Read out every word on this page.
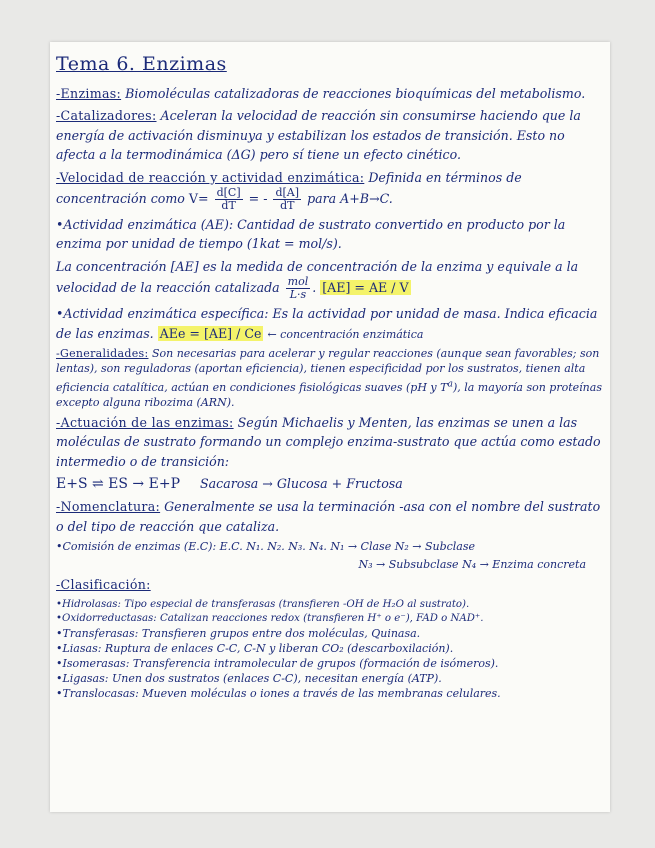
Tema 6. Enzimas

-Enzimas: Biomoléculas catalizadoras de reacciones bioquímicas del metabolismo.

-Catalizadores: Aceleran la velocidad de reacción sin consumirse haciendo que la energía de activación disminuya y estabilizan los estados de transición. Esto no afecta a la termodinámica (ΔG) pero sí tiene un efecto cinético.

-Velocidad de reacción y actividad enzimática: Definida en términos de concentración como $V= \frac{d[C]}{dT}$ = - $\frac{d[A]}{dT}$ para A+B→C.

•Actividad enzimática (AE): Cantidad de sustrato convertido en producto por la enzima por unidad de tiempo (1kat = mol/s).

La concentración [AE] es la medida de concentración de la enzima y equivale a la velocidad de la reacción catalizada $\frac{\text{mol}}{L\cdot s}$ . [AE] = AE / V

•Actividad enzimática específica: Es la actividad por unidad de masa. Indica eficacia de las enzimas. AEe = [AE] / Ce ← concentración enzimática

-Generalidades: Son necesarias para acelerar y regular reacciones (aunque sean favorables; son lentas), son reguladoras (aportan eficiencia), tienen especificidad por los sustratos, tienen alta eficiencia catalítica, actúan en condiciones fisiológicas suaves (pH y $T^a$), la mayoría son proteínas excepto alguna ribozima (ARN).

-Actuación de las enzimas: Según Michaelis y Menten, las enzimas se unen a las moléculas de sustrato formando un complejo enzima-sustrato que actúa como estado intermedio o de transición:

E+S ⇌ ES → E+P Sacarosa → Glucosa + Fructosa

-Nomenclatura: Generalmente se usa la terminación -asa con el nombre del sustrato o del tipo de reacción que cataliza.

•Comisión de enzimas (E.C): E.C. N₁. N₂. N₃. N₄. N₁ → Clase N₂ → Subclase

N₃ → Subsubclase N₄ → Enzima concreta

-Clasificación:

•Hidrolasas: Tipo especial de transferasas (transfieren -OH de H₂O al sustrato).
•Oxidorreductasas: Catalizan reacciones redox (transfieren H⁺ o e⁻), FAD o NAD⁺.
•Transferasas: Transfieren grupos entre dos moléculas, Quinasa.
•Liasas: Ruptura de enlaces C-C, C-N y liberan CO₂ (descarboxilación).
•Isomerasas: Transferencia intramolecular de grupos (formación de isómeros).
•Ligasas: Unen dos sustratos (enlaces C-C), necesitan energía (ATP).
•Translocasas: Mueven moléculas o iones a través de las membranas celulares.
